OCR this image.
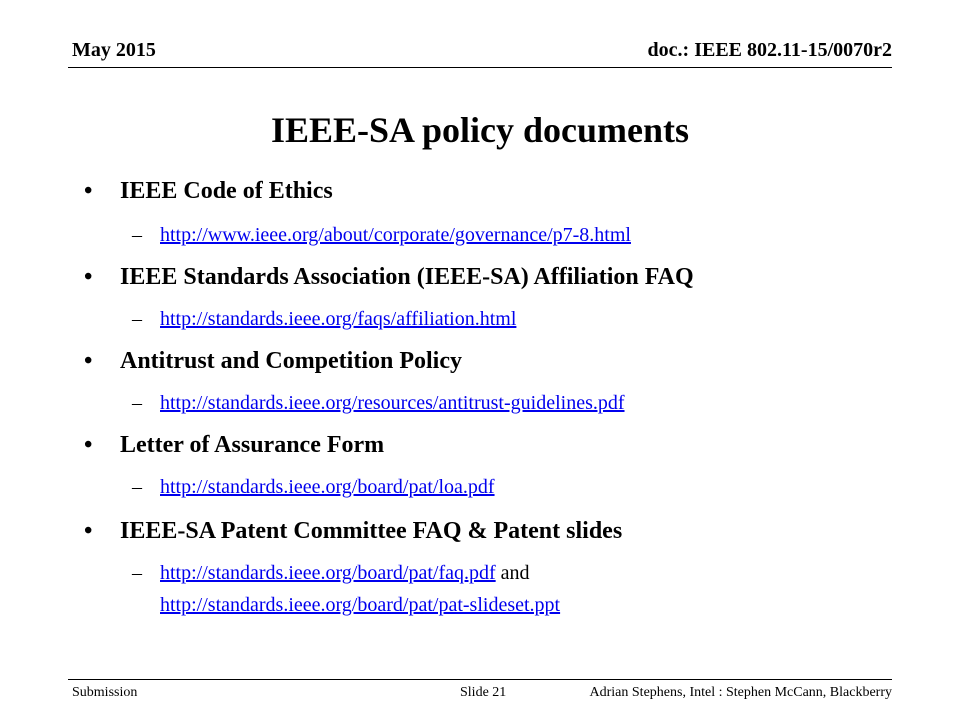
May 2015	doc.: IEEE 802.11-15/0070r2
IEEE-SA policy documents
• IEEE Code of Ethics
– http://www.ieee.org/about/corporate/governance/p7-8.html
• IEEE Standards Association (IEEE-SA) Affiliation FAQ
– http://standards.ieee.org/faqs/affiliation.html
• Antitrust and Competition Policy
– http://standards.ieee.org/resources/antitrust-guidelines.pdf
• Letter of Assurance Form
– http://standards.ieee.org/board/pat/loa.pdf
• IEEE-SA Patent Committee FAQ & Patent slides
– http://standards.ieee.org/board/pat/faq.pdf and
http://standards.ieee.org/board/pat/pat-slideset.ppt
Submission	Slide 21	Adrian Stephens, Intel : Stephen McCann, Blackberry
